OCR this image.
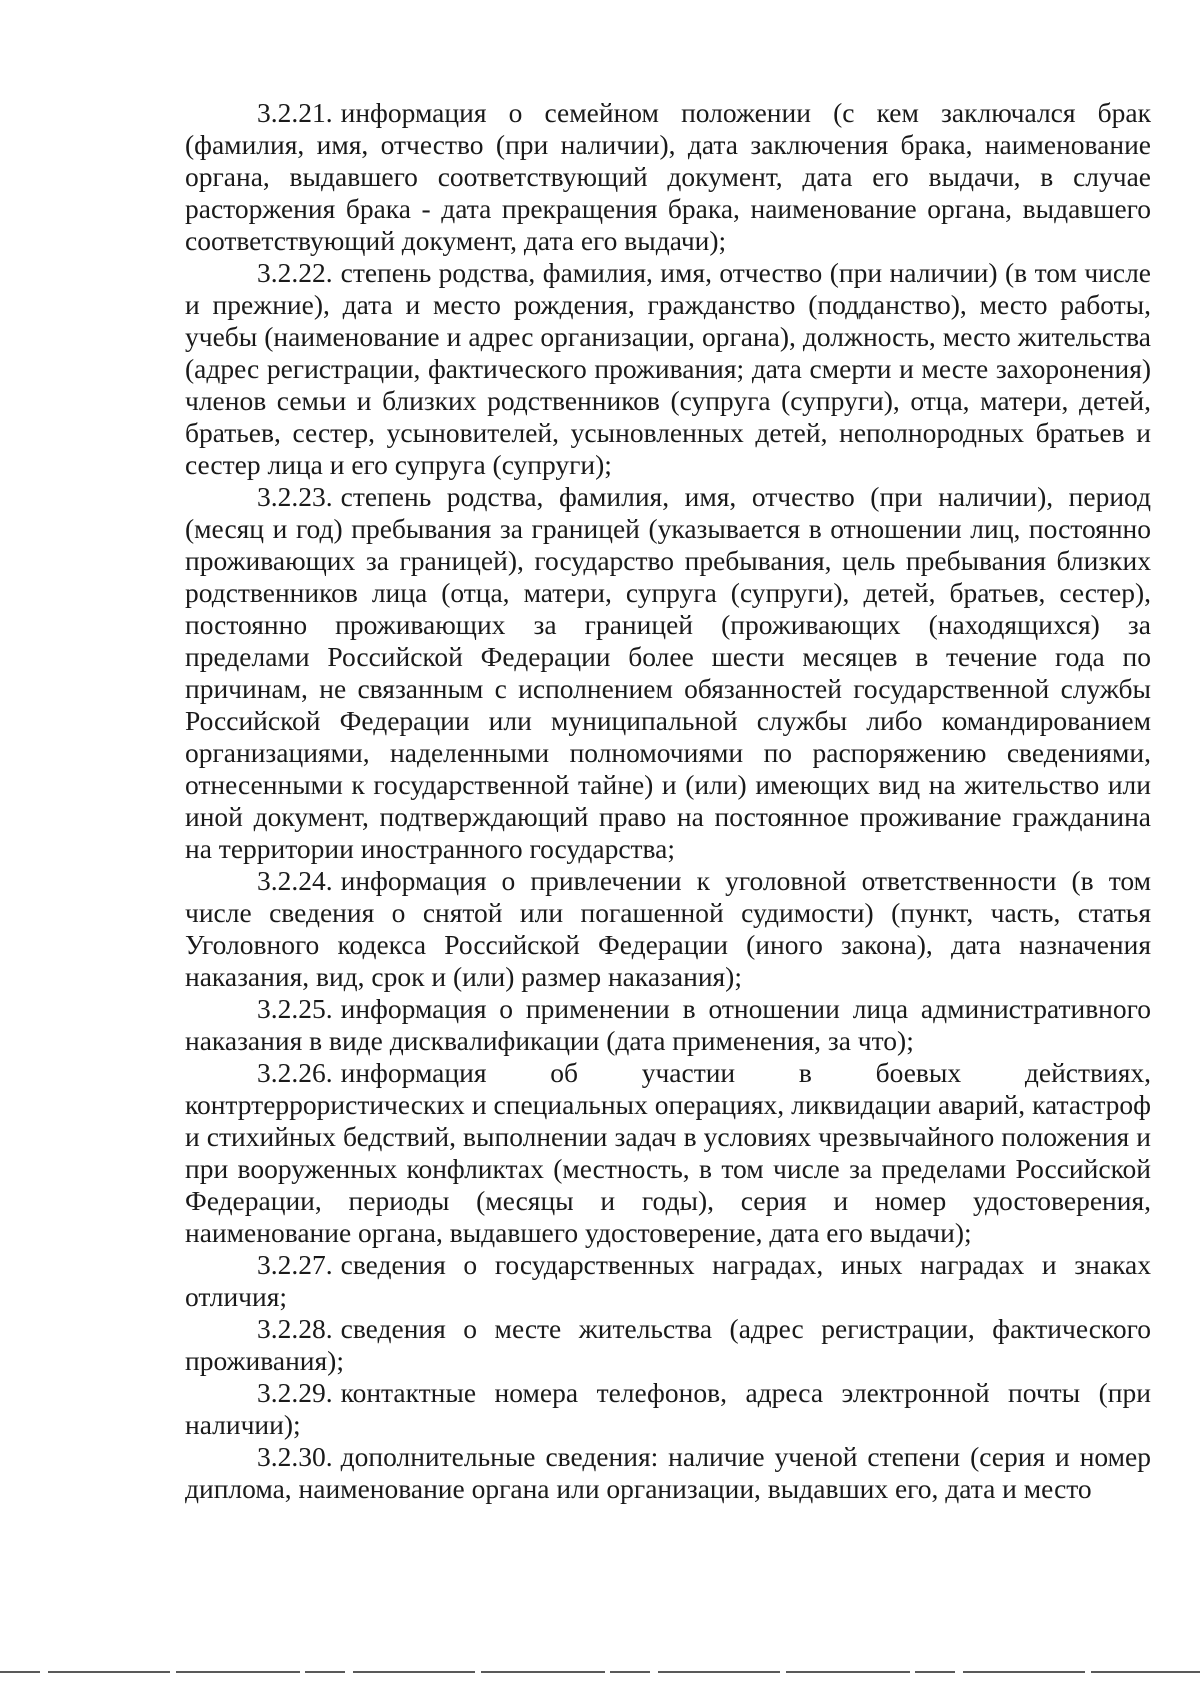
3.2.21. информация о семейном положении (с кем заключался брак (фамилия, имя, отчество (при наличии), дата заключения брака, наименование органа, выдавшего соответствующий документ, дата его выдачи, в случае расторжения брака - дата прекращения брака, наименование органа, выдавшего соответствующий документ, дата его выдачи);

3.2.22. степень родства, фамилия, имя, отчество (при наличии) (в том числе и прежние), дата и место рождения, гражданство (подданство), место работы, учебы (наименование и адрес организации, органа), должность, место жительства (адрес регистрации, фактического проживания; дата смерти и месте захоронения) членов семьи и близких родственников (супруга (супруги), отца, матери, детей, братьев, сестер, усыновителей, усыновленных детей, неполнородных братьев и сестер лица и его супруга (супруги);

3.2.23. степень родства, фамилия, имя, отчество (при наличии), период (месяц и год) пребывания за границей (указывается в отношении лиц, постоянно проживающих за границей), государство пребывания, цель пребывания близких родственников лица (отца, матери, супруга (супруги), детей, братьев, сестер), постоянно проживающих за границей (проживающих (находящихся) за пределами Российской Федерации более шести месяцев в течение года по причинам, не связанным с исполнением обязанностей государственной службы Российской Федерации или муниципальной службы либо командированием организациями, наделенными полномочиями по распоряжению сведениями, отнесенными к государственной тайне) и (или) имеющих вид на жительство или иной документ, подтверждающий право на постоянное проживание гражданина на территории иностранного государства;

3.2.24. информация о привлечении к уголовной ответственности (в том числе сведения о снятой или погашенной судимости) (пункт, часть, статья Уголовного кодекса Российской Федерации (иного закона), дата назначения наказания, вид, срок и (или) размер наказания);

3.2.25. информация о применении в отношении лица административного наказания в виде дисквалификации (дата применения, за что);

3.2.26. информация об участии в боевых действиях, контртеррористических и специальных операциях, ликвидации аварий, катастроф и стихийных бедствий, выполнении задач в условиях чрезвычайного положения и при вооруженных конфликтах (местность, в том числе за пределами Российской Федерации, периоды (месяцы и годы), серия и номер удостоверения, наименование органа, выдавшего удостоверение, дата его выдачи);

3.2.27. сведения о государственных наградах, иных наградах и знаках отличия;

3.2.28. сведения о месте жительства (адрес регистрации, фактического проживания);

3.2.29. контактные номера телефонов, адреса электронной почты (при наличии);

3.2.30. дополнительные сведения: наличие ученой степени (серия и номер диплома, наименование органа или организации, выдавших его, дата и место
